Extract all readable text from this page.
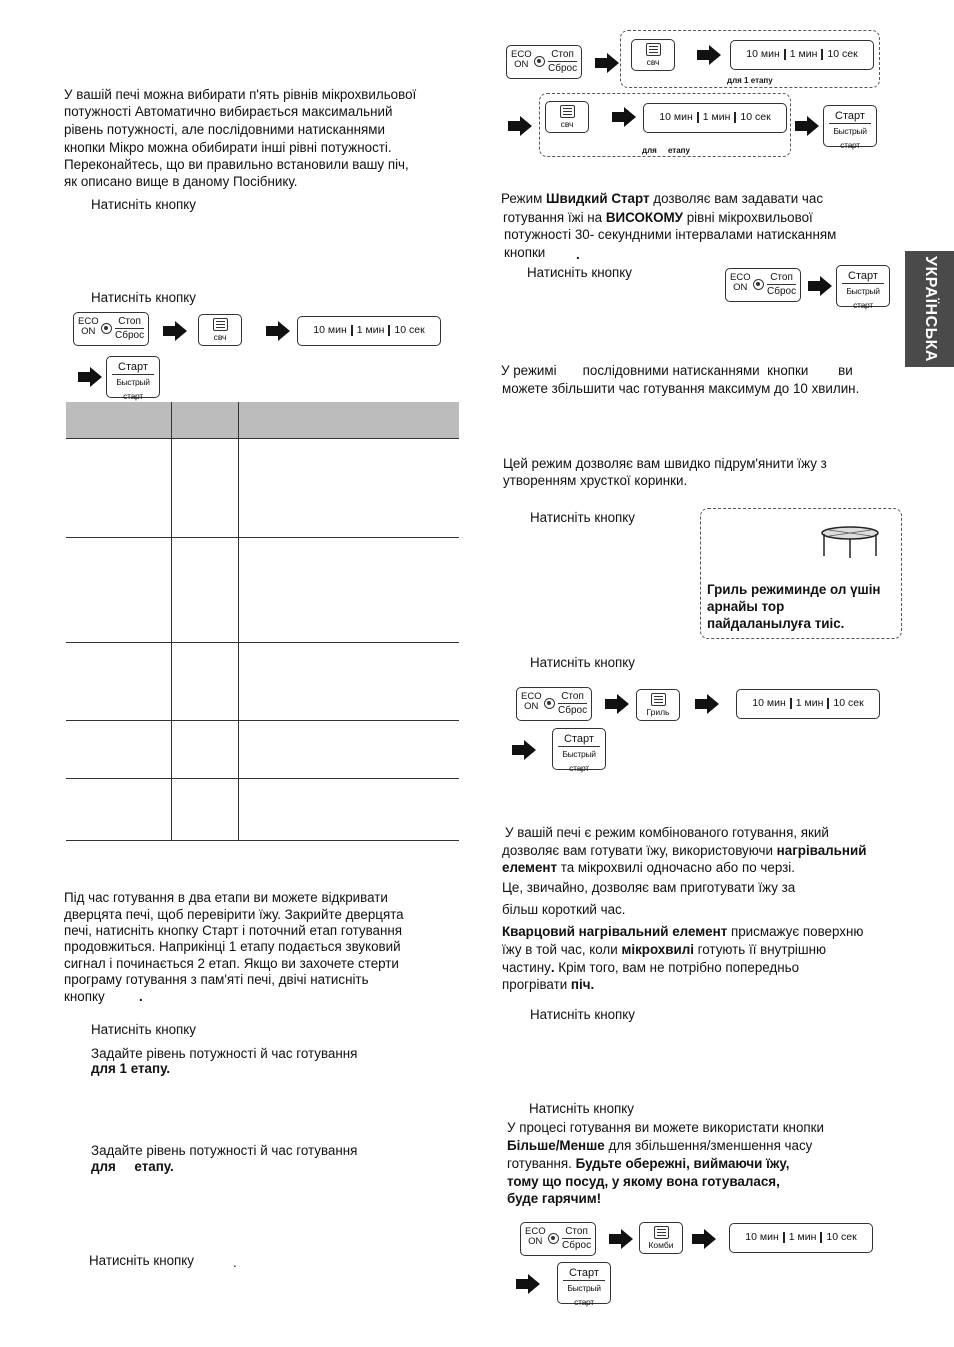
У вашій печі можна вибирати п'ять рівнів мікрохвильової
потужності Автоматично вибирається максимальний
рівень потужності, але послідовними натисканнями
кнопки Мікро можна обибирати інші рівні потужності.
Переконайтесь, що ви правильно встановили вашу піч,
як описано вище в даному Посібнику.
Натисніть кнопку
Натисніть кнопку
ECO
ON
Стоп
Сброс	свч
10 мин 1 мин 10 сек
Старт
Быстрый старт

Під час готування в два етапи ви можете відкривати
дверцята печі, щоб перевірити їжу. Закрийте дверцята
печі, натисніть кнопку Старт і поточний етап готування
продовжиться. Наприкінці 1 етапу подається звуковий
сигнал і починається 2 етап. Якщо ви захочете стерти
програму готування з пам'яті печі, двічі натисніть
кнопку	.
Натисніть кнопку
Задайте рівень потужності й час готування
для 1 етапу.
Задайте рівень потужності й час готування
для     етапу.
Натисніть кнопку	.
ECO
ON
Стоп
Сброс
свч
10 мин 1 мин 10 сек
для 1 етапу
свч
10 мин 1 мин 10 сек
для     етапу
Старт
Быстрый старт
Режим Швидкий Старт дозволяє вам задавати час
готування їжі на ВИСОКОМУ рівні мікрохвильової
потужності 30- секундними інтервалами натисканням
кнопки .
Натисніть кнопку	ECO
ON
Стоп
Сброс
Старт
Быстрый старт	УКРАЇНСЬКА
У режимі       послідовними натисканнями  кнопки        ви
можете збільшити час готування максимум до 10 хвилин.
Цей режим дозволяє вам швидко підрум'янити їжу з
утворенням хрусткої коринки.
Натисніть кнопку
Гриль режиминде ол үшін
арнайы тор
пайдаланылуға тиіс.
Натисніть кнопку
ECO
ON
Стоп
Сброс	Гриль
10 мин 1 мин 10 сек
Старт
Быстрый старт
У вашій печі є режим комбінованого готування, який
дозволяє вам готувати їжу, використовуючи нагрівальний
елемент та мікрохвилі одночасно або по черзі.
Це, звичайно, дозволяє вам приготувати їжу за
більш короткий час.
Кварцовий нагрівальний елемент присмажує поверхню
їжу в той час, коли мікрохвилі готують її внутрішню
частину. Крім того, вам не потрібно попередньо
прогрівати піч.
Натисніть кнопку
Натисніть кнопку
У процесі готування ви можете використати кнопки
Більше/Менше для збільшення/зменшення часу
готування. Будьте обережні, виймаючи їжу,
тому що посуд, у якому вона готувалася,
буде гарячим!
ECO
ON
Стоп
Сброс	Комби
10 мин 1 мин 10 сек
Старт
Быстрый старт
